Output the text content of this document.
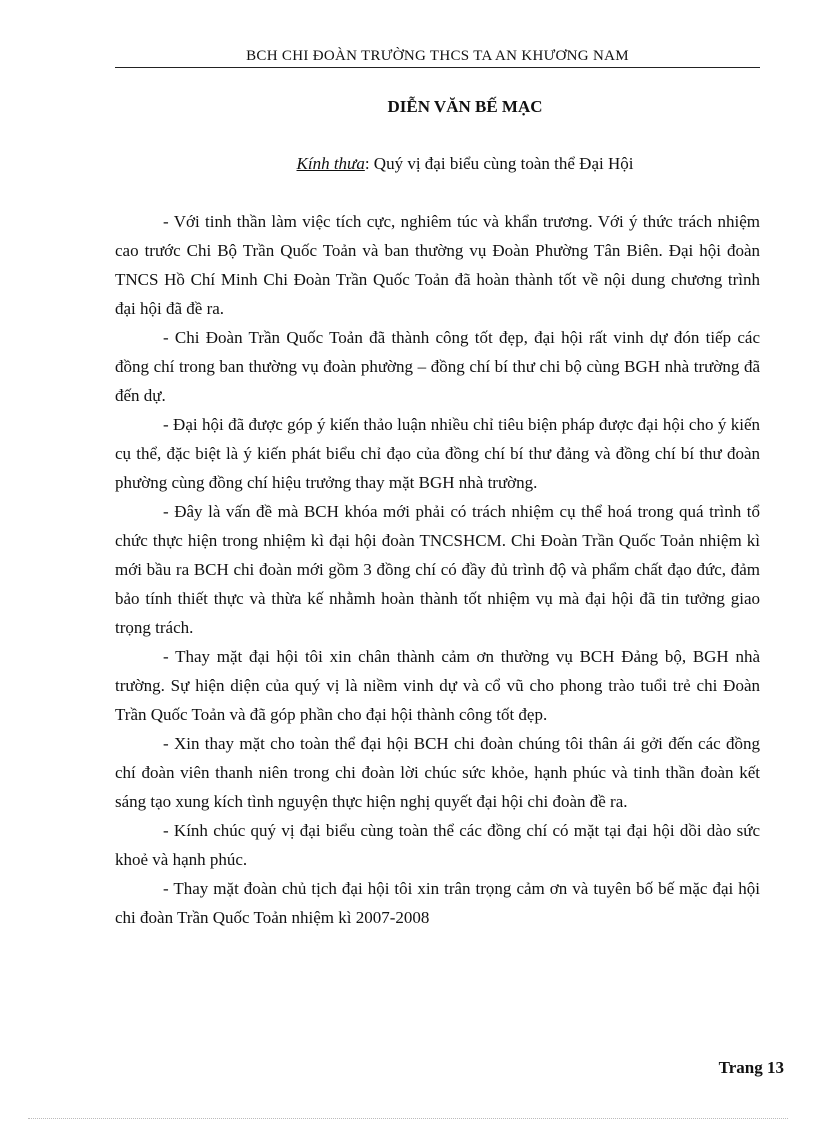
BCH CHI ĐOÀN TRƯỜNG THCS TA AN KHƯƠNG NAM
DIỄN VĂN BẾ MẠC
Kính thưa: Quý vị đại biểu cùng toàn thể Đại Hội

- Với tinh thần làm việc tích cực, nghiêm túc và khẩn trương. Với ý thức trách nhiệm cao trước Chi Bộ Trần Quốc Toản và ban thường vụ Đoàn Phường Tân Biên. Đại hội đoàn TNCS Hồ Chí Minh Chi Đoàn Trần Quốc Toản đã hoàn thành tốt về nội dung chương trình đại hội đã đề ra.

- Chi Đoàn Trần Quốc Toản đã thành công tốt đẹp, đại hội rất vinh dự đón tiếp các đồng chí trong ban thường vụ đoàn phường – đồng chí bí thư chi bộ cùng BGH nhà trường đã đến dự.

- Đại hội đã được góp ý kiến thảo luận nhiều chỉ tiêu biện pháp được đại hội cho ý kiến cụ thể, đặc biệt là ý kiến phát biểu chỉ đạo của đồng chí bí thư đảng và đồng chí bí thư đoàn phường cùng đồng chí hiệu trưởng thay mặt BGH nhà trường.

- Đây là vấn đề mà BCH khóa mới phải có trách nhiệm cụ thể hoá trong quá trình tổ chức thực hiện trong nhiệm kì đại hội đoàn TNCSHCM. Chi Đoàn Trần Quốc Toản nhiệm kì mới bầu ra BCH chi đoàn mới gồm 3 đồng chí có đầy đủ trình độ và phẩm chất đạo đức, đảm bảo tính thiết thực và thừa kế nhằmh hoàn thành tốt nhiệm vụ mà đại hội đã tin tưởng giao trọng trách.

- Thay mặt đại hội tôi xin chân thành cảm ơn thường vụ BCH Đảng bộ, BGH nhà trường. Sự hiện diện của quý vị là niềm vinh dự và cổ vũ cho phong trào tuổi trẻ chi Đoàn Trần Quốc Toản và đã góp phần cho đại hội thành công tốt đẹp.

- Xin thay mặt cho toàn thể đại hội BCH chi đoàn chúng tôi thân ái gởi đến các đồng chí đoàn viên thanh niên trong chi đoàn lời chúc sức khỏe, hạnh phúc và tinh thần đoàn kết sáng tạo xung kích tình nguyện thực hiện nghị quyết đại hội chi đoàn đề ra.

- Kính chúc quý vị đại biểu cùng toàn thể các đồng chí có mặt tại đại hội dồi dào sức khoẻ và hạnh phúc.

- Thay mặt đoàn chủ tịch đại hội tôi xin trân trọng cảm ơn và tuyên bố bế mặc đại hội chi đoàn Trần Quốc Toản nhiệm kì 2007-2008

Trang 13
